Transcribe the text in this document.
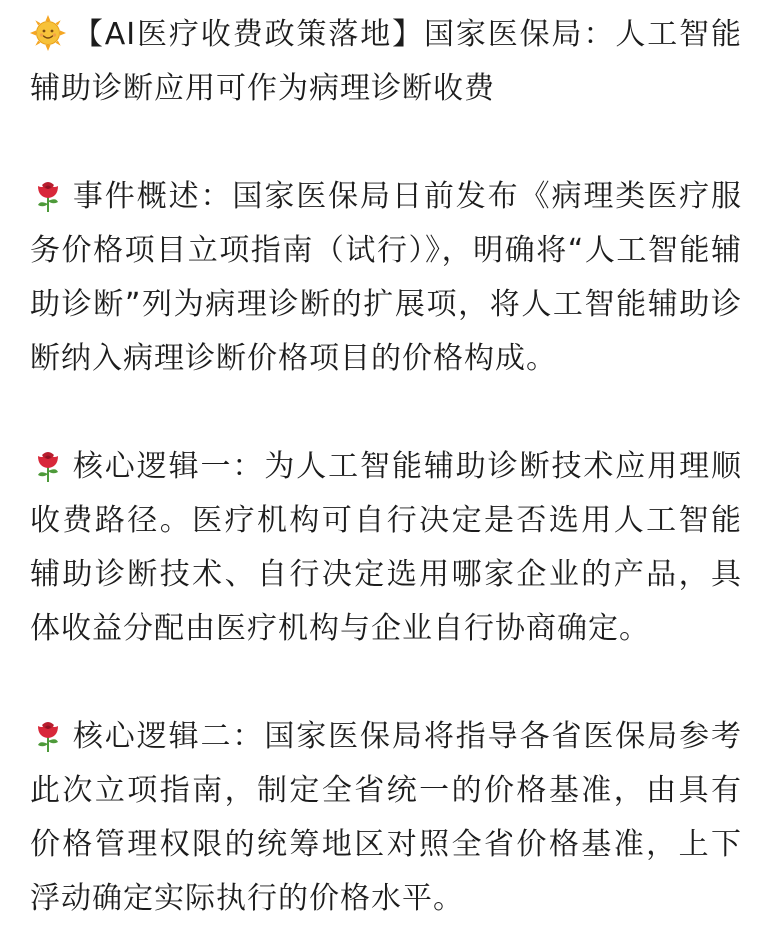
【AI医疗收费政策落地】国家医保局：人工智能辅助诊断应用可作为病理诊断收费

事件概述：国家医保局日前发布《病理类医疗服务价格项目立项指南（试行）》，明确将“人工智能辅助诊断”列为病理诊断的扩展项，将人工智能辅助诊断纳入病理诊断价格项目的价格构成。

核心逻辑一：为人工智能辅助诊断技术应用理顺收费路径。医疗机构可自行决定是否选用人工智能辅助诊断技术、自行决定选用哪家企业的产品，具体收益分配由医疗机构与企业自行协商确定。

核心逻辑二：国家医保局将指导各省医保局参考此次立项指南，制定全省统一的价格基准，由具有价格管理权限的统筹地区对照全省价格基准，上下浮动确定实际执行的价格水平。
